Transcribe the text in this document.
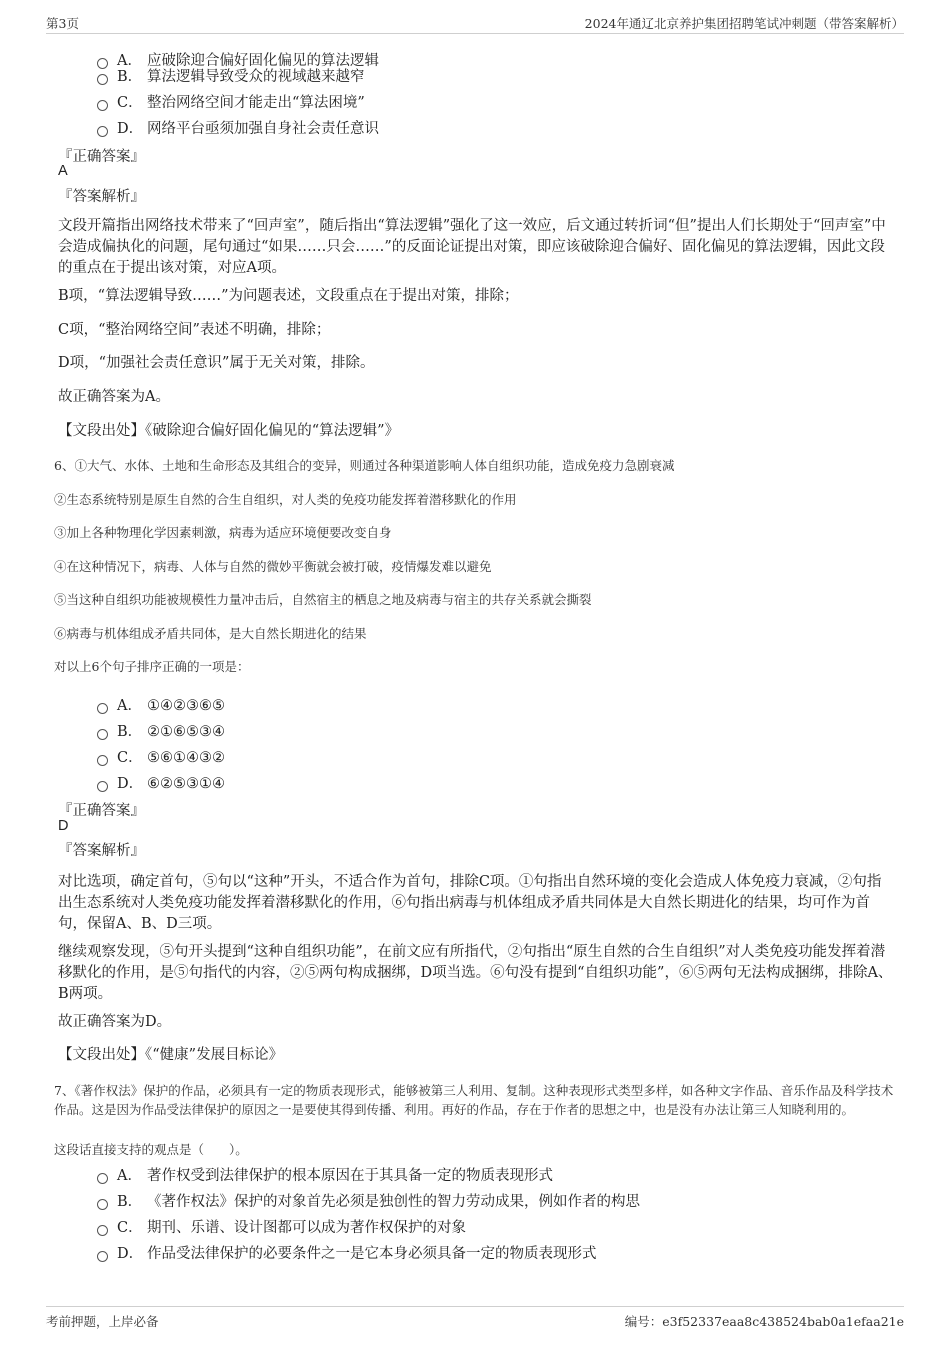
第3页	2024年通辽北京养护集团招聘笔试冲刺题（带答案解析）
A． 应破除迎合偏好固化偏见的算法逻辑
B． 算法逻辑导致受众的视域越来越窄
C． 整治网络空间才能走出“算法困境”
D． 网络平台亟须加强自身社会责任意识
『正确答案』
A
『答案解析』
文段开篇指出网络技术带来了“回声室”，随后指出“算法逻辑”强化了这一效应，后文通过转折词“但”提出人们长期处于“回声室”中会造成偏执化的问题，尾句通过“如果……只会……”的反面论证提出对策，即应该破除迎合偏好、固化偏见的算法逻辑，因此文段的重点在于提出该对策，对应A项。
B项，“算法逻辑导致……”为问题表述，文段重点在于提出对策，排除；
C项，“整治网络空间”表述不明确，排除；
D项，“加强社会责任意识”属于无关对策，排除。
故正确答案为A。
【文段出处】《破除迎合偏好固化偏见的“算法逻辑”》
6、①大气、水体、土地和生命形态及其组合的变异，则通过各种渠道影响人体自组织功能，造成免疫力急剧衰减
②生态系统特别是原生自然的合生自组织，对人类的免疫功能发挥着潜移默化的作用
③加上各种物理化学因素刺激，病毒为适应环境便要改变自身
④在这种情况下，病毒、人体与自然的微妙平衡就会被打破，疫情爆发难以避免
⑤当这种自组织功能被规模性力量冲击后，自然宿主的栖息之地及病毒与宿主的共存关系就会撕裂
⑥病毒与机体组成矛盾共同体，是大自然长期进化的结果
对以上6个句子排序正确的一项是：
A． ①④②③⑥⑤
B． ②①⑥⑤③④
C． ⑤⑥①④③②
D． ⑥②⑤③①④
『正确答案』
D
『答案解析』
对比选项，确定首句，⑤句以“这种”开头，不适合作为首句，排除C项。①句指出自然环境的变化会造成人体免疫力衰减，②句指出生态系统对人类免疫功能发挥着潜移默化的作用，⑥句指出病毒与机体组成矛盾共同体是大自然长期进化的结果，均可作为首句，保留A、B、D三项。
继续观察发现，⑤句开头提到“这种自组织功能”，在前文应有所指代，②句指出“原生自然的合生自组织”对人类免疫功能发挥着潜移默化的作用，是⑤句指代的内容，②⑤两句构成捆绑，D项当选。⑥句没有提到“自组织功能”，⑥⑤两句无法构成捆绑，排除A、B两项。
故正确答案为D。
【文段出处】《“健康”发展目标论》
7、《著作权法》保护的作品，必须具有一定的物质表现形式，能够被第三人利用、复制。这种表现形式类型多样，如各种文字作品、音乐作品及科学技术作品。这是因为作品受法律保护的原因之一是要使其得到传播、利用。再好的作品，存在于作者的思想之中，也是没有办法让第三人知晓利用的。
这段话直接支持的观点是（　　）。
A． 著作权受到法律保护的根本原因在于其具备一定的物质表现形式
B． 《著作权法》保护的对象首先必须是独创性的智力劳动成果，例如作者的构思
C． 期刊、乐谱、设计图都可以成为著作权保护的对象
D． 作品受法律保护的必要条件之一是它本身必须具备一定的物质表现形式
考前押题，上岸必备	编号：e3f52337eaa8c438524bab0a1efaa21e
